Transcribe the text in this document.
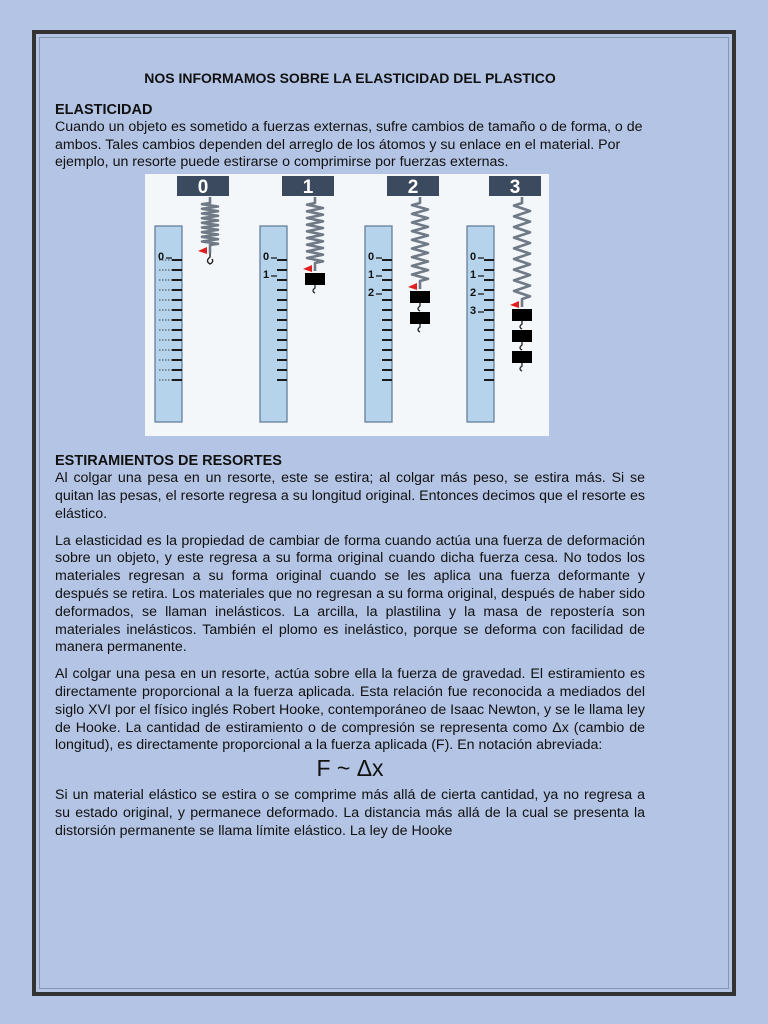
NOS INFORMAMOS SOBRE LA ELASTICIDAD DEL PLASTICO

ELASTICIDAD

Cuando un objeto es sometido a fuerzas externas, sufre cambios de tamaño o de forma, o de ambos. Tales cambios dependen del arreglo de los átomos y su enlace en el material. Por ejemplo, un resorte puede estirarse o comprimirse por fuerzas externas.

0
0
1
0
1
2
0
1
2
3
0
1
2
3

ESTIRAMIENTOS DE RESORTES

Al colgar una pesa en un resorte, este se estira; al colgar más peso, se estira más. Si se quitan las pesas, el resorte regresa a su longitud original. Entonces decimos que el resorte es elástico.

La elasticidad es la propiedad de cambiar de forma cuando actúa una fuerza de deformación sobre un objeto, y este regresa a su forma original cuando dicha fuerza cesa. No todos los materiales regresan a su forma original cuando se les aplica una fuerza deformante y después se retira. Los materiales que no regresan a su forma original, después de haber sido deformados, se llaman inelásticos. La arcilla, la plastilina y la masa de repostería son materiales inelásticos. También el plomo es inelástico, porque se deforma con facilidad de manera permanente.

Al colgar una pesa en un resorte, actúa sobre ella la fuerza de gravedad. El estiramiento es directamente proporcional a la fuerza aplicada. Esta relación fue reconocida a mediados del siglo XVI por el físico inglés Robert Hooke, contemporáneo de Isaac Newton, y se le llama ley de Hooke. La cantidad de estiramiento o de compresión se representa como Δx (cambio de longitud), es directamente proporcional a la fuerza aplicada (F). En notación abreviada:

F ~ Δx

Si un material elástico se estira o se comprime más allá de cierta cantidad, ya no regresa a su estado original, y permanece deformado. La distancia más allá de la cual se presenta la distorsión permanente se llama límite elástico. La ley de Hooke
